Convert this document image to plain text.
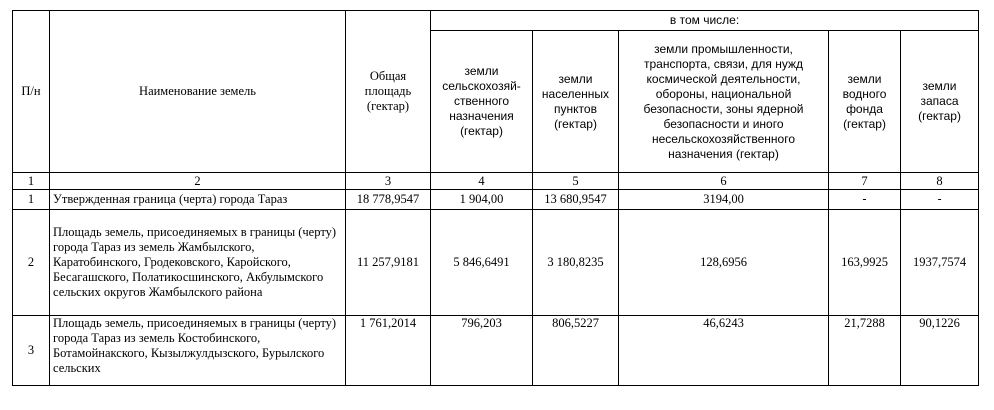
П/н	Наименование земель	Общая площадь (гектар)	в том числе:				
			земли сельскохозяй-ственного назначения (гектар)	земли населенных пунктов (гектар)	земли промышленности, транспорта, связи, для нужд космической деятельности, обороны, национальной безопасности, зоны ядерной безопасности и иного несельскохозяйственного назначения (гектар)	земли водного фонда (гектар)	земли запаса (гектар)
1	2	3	4	5	6	7	8
1	Утвержденная граница (черта) города Тараз	18 778,9547	1 904,00	13 680,9547	3194,00	-	-
2	Площадь земель, присоединяемых в границы (черту) города Тараз из земель Жамбылского, Каратобинского, Гродековского, Каройского, Бесагашского, Полатикосшинского, Акбулымского сельских округов Жамбылского района	11 257,9181	5 846,6491	3 180,8235	128,6956	163,9925	1937,7574
3	Площадь земель, присоединяемых в границы (черту) города Тараз из земель Костобинского, Ботамойнакского, Кызылжулдызского, Бурылского сельских	1 761,2014	796,203	806,5227	46,6243	21,7288	90,1226
